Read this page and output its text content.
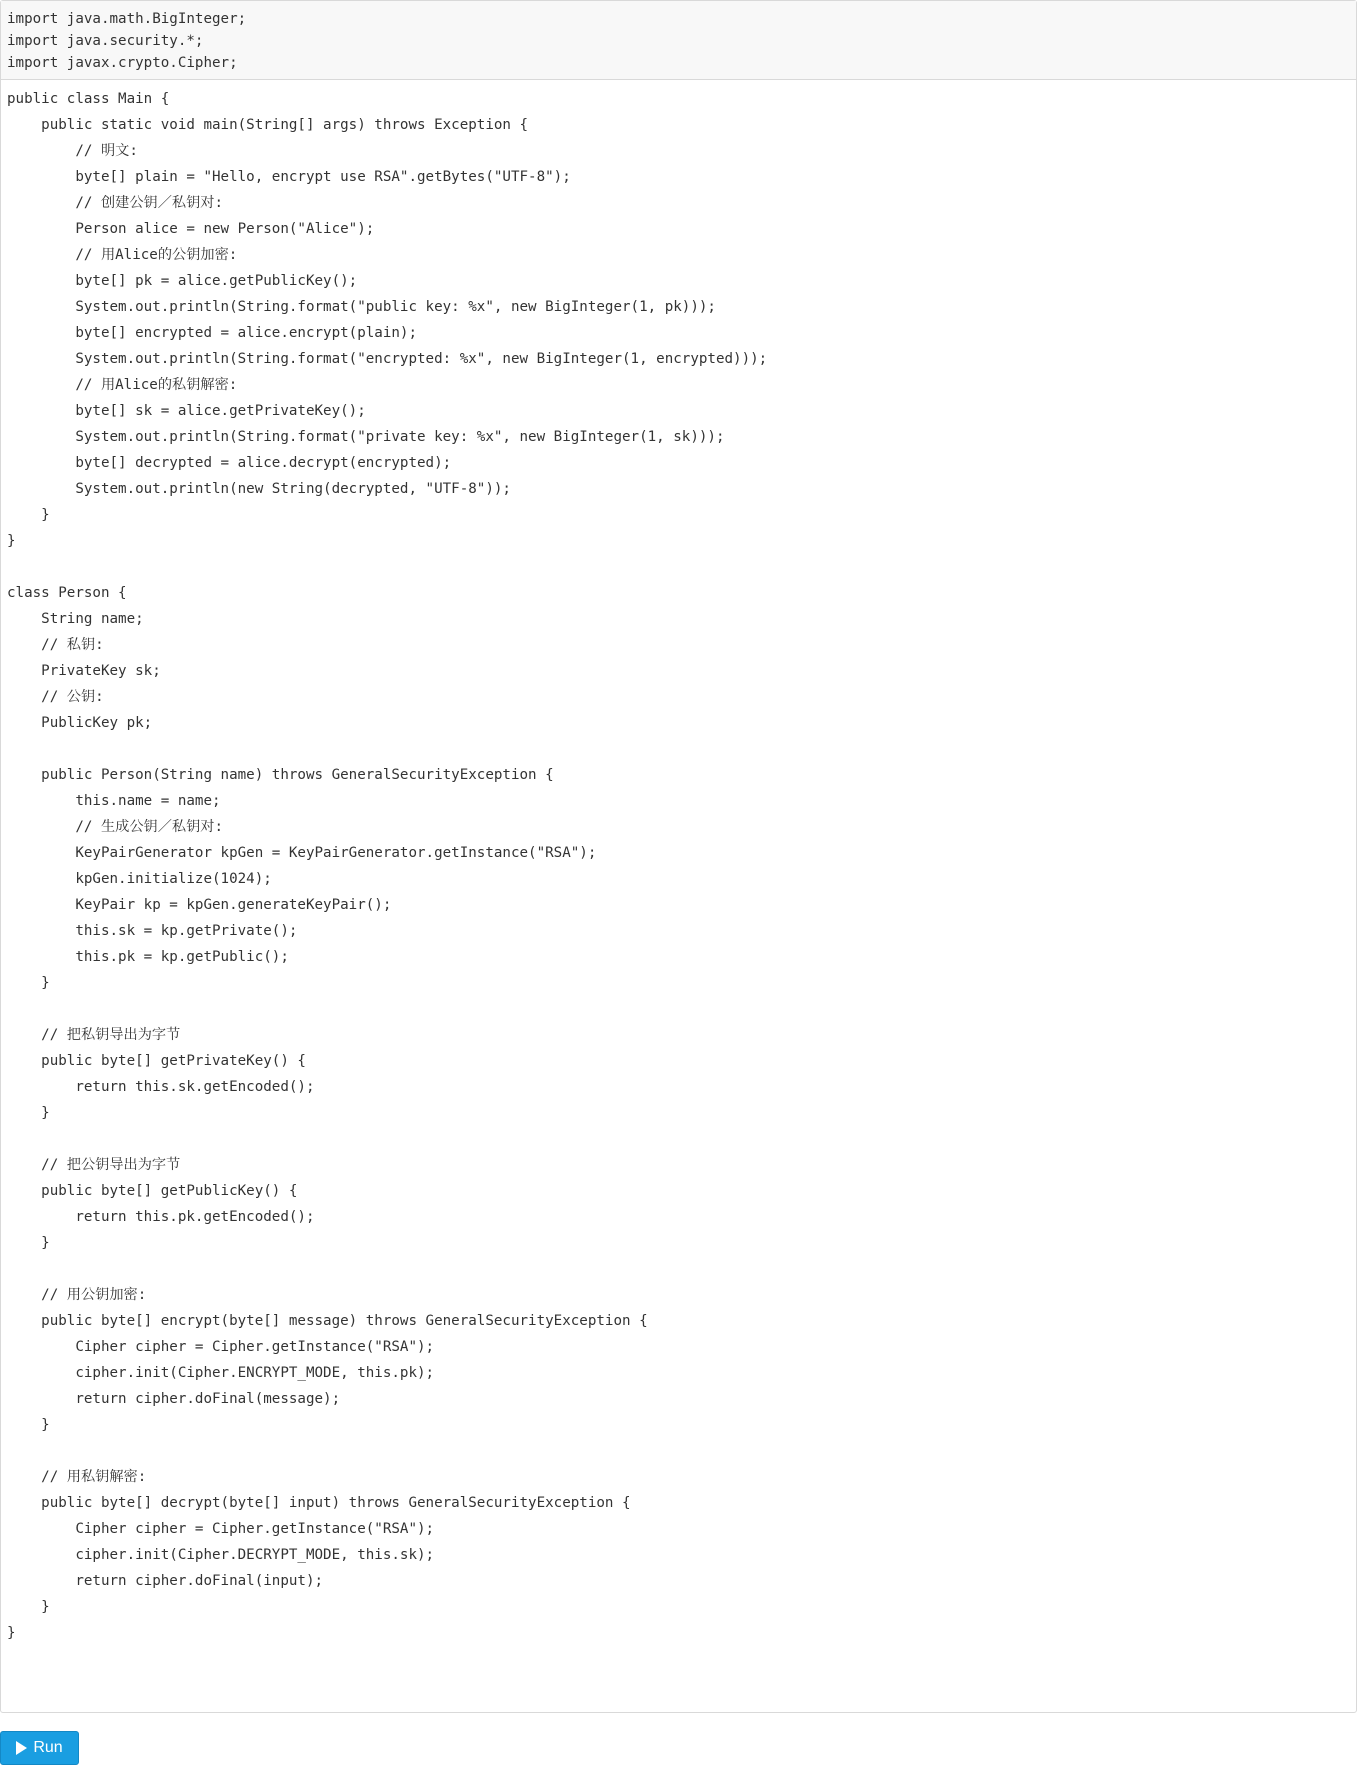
import java.math.BigInteger;
import java.security.*;
import javax.crypto.Cipher;
public class Main {
public static void main(String[] args) throws Exception {
// 明文:
byte[] plain = "Hello, encrypt use RSA".getBytes("UTF-8");
// 创建公钥／私钥对:
Person alice = new Person("Alice");
// 用Alice的公钥加密:
byte[] pk = alice.getPublicKey();
System.out.println(String.format("public key: %x", new BigInteger(1, pk)));
byte[] encrypted = alice.encrypt(plain);
System.out.println(String.format("encrypted: %x", new BigInteger(1, encrypted)));
// 用Alice的私钥解密:
byte[] sk = alice.getPrivateKey();
System.out.println(String.format("private key: %x", new BigInteger(1, sk)));
byte[] decrypted = alice.decrypt(encrypted);
System.out.println(new String(decrypted, "UTF-8"));
}
}
class Person {
String name;
// 私钥:
PrivateKey sk;
// 公钥:
PublicKey pk;
public Person(String name) throws GeneralSecurityException {
this.name = name;
// 生成公钥／私钥对:
KeyPairGenerator kpGen = KeyPairGenerator.getInstance("RSA");
kpGen.initialize(1024);
KeyPair kp = kpGen.generateKeyPair();
this.sk = kp.getPrivate();
this.pk = kp.getPublic();
}
// 把私钥导出为字节
public byte[] getPrivateKey() {
return this.sk.getEncoded();
}
// 把公钥导出为字节
public byte[] getPublicKey() {
return this.pk.getEncoded();
}
// 用公钥加密:
public byte[] encrypt(byte[] message) throws GeneralSecurityException {
Cipher cipher = Cipher.getInstance("RSA");
cipher.init(Cipher.ENCRYPT_MODE, this.pk);
return cipher.doFinal(message);
}
// 用私钥解密:
public byte[] decrypt(byte[] input) throws GeneralSecurityException {
Cipher cipher = Cipher.getInstance("RSA");
cipher.init(Cipher.DECRYPT_MODE, this.sk);
return cipher.doFinal(input);
}
}
Run
